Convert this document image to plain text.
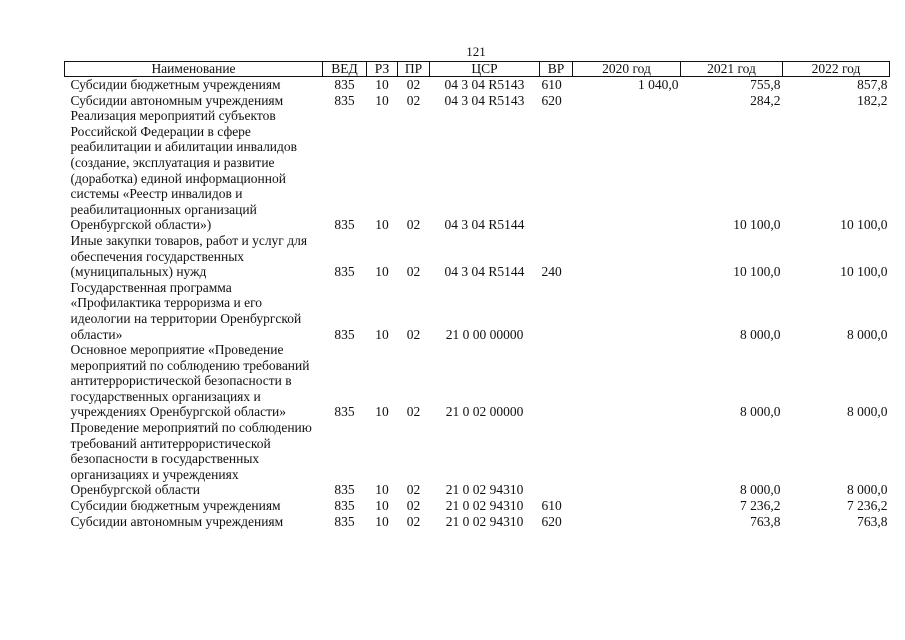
121
Наименование	ВЕД	РЗ	ПР	ЦСР	ВР	2020 год	2021 год	2022 год
Субсидии бюджетным учреждениям	835	10	02	04 3 04 R5143	610	1 040,0	755,8	857,8
Субсидии автономным учреждениям	835	10	02	04 3 04 R5143	620		284,2	182,2
Реализация мероприятий субъектов Российской Федерации в сфере реабилитации и абилитации инвалидов (создание, эксплуатация и развитие (доработка) единой информационной системы «Реестр инвалидов и реабилитационных организаций Оренбургской области»)	835	10	02	04 3 04 R5144			10 100,0	10 100,0
Иные закупки товаров, работ и услуг для обеспечения государственных (муниципальных) нужд	835	10	02	04 3 04 R5144	240		10 100,0	10 100,0
Государственная программа «Профилактика терроризма и его идеологии на территории Оренбургской области»	835	10	02	21 0 00 00000			8 000,0	8 000,0
Основное мероприятие «Проведение мероприятий по соблюдению требований антитеррористической безопасности в государственных организациях и учреждениях Оренбургской области»	835	10	02	21 0 02 00000			8 000,0	8 000,0
Проведение мероприятий по соблюдению требований антитеррористической безопасности в государственных организациях и учреждениях Оренбургской области	835	10	02	21 0 02 94310			8 000,0	8 000,0
Субсидии бюджетным учреждениям	835	10	02	21 0 02 94310	610		7 236,2	7 236,2
Субсидии автономным учреждениям	835	10	02	21 0 02 94310	620		763,8	763,8
